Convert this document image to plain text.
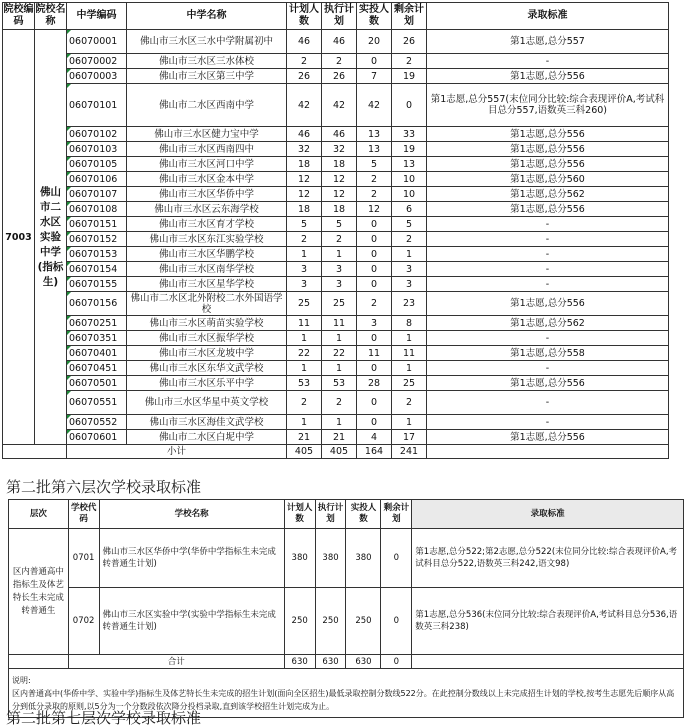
院校编码	院校名称	中学编码	中学名称	计划人数	执行计划	实投人数	剩余计划	录取标准
7003	佛山市二水区实验中学(指标生)	06070001	佛山市三水区三水中学附属初中	46	46	20	26	第1志愿,总分557
		06070002	佛山市三水区三水体校	2	2	0	2	-
		06070003	佛山市三水区第三中学	26	26	7	19	第1志愿,总分556
		06070101	佛山市二水区西南中学	42	42	42	0	第1志愿,总分557(末位同分比较:综合表现评价A,考试科目总分557,语数英三科260)
		06070102	佛山市三水区健力宝中学	46	46	13	33	第1志愿,总分556
		06070103	佛山市三水区西南四中	32	32	13	19	第1志愿,总分556
		06070105	佛山市三水区河口中学	18	18	5	13	第1志愿,总分556
		06070106	佛山市三水区金本中学	12	12	2	10	第1志愿,总分560
		06070107	佛山市三水区华侨中学	12	12	2	10	第1志愿,总分562
		06070108	佛山市三水区云东海学校	18	18	12	6	第1志愿,总分556
		06070151	佛山市三水区育才学校	5	5	0	5	-
		06070152	佛山市三水区东江实验学校	2	2	0	2	-
		06070153	佛山市三水区华鹏学校	1	1	0	1	-
		06070154	佛山市三水区南华学校	3	3	0	3	-
		06070155	佛山市三水区星华学校	3	3	0	3	-
		06070156	佛山市二水区北外附校二水外国语学校	25	25	2	23	第1志愿,总分556
		06070251	佛山市三水区萌苗实验学校	11	11	3	8	第1志愿,总分562
		06070351	佛山市三水区振华学校	1	1	0	1	-
		06070401	佛山市三水区龙坡中学	22	22	11	11	第1志愿,总分558
		06070451	佛山市三水区东华文武学校	1	1	0	1	-
		06070501	佛山市三水区乐平中学	53	53	28	25	第1志愿,总分556
		06070551	佛山市三水区华星中英文学校	2	2	0	2	-
		06070552	佛山市三水区海佳文武学校	1	1	0	1	-
		06070601	佛山市二水区白坭中学	21	21	4	17	第1志愿,总分556
		小计		405	405	164	241	
第二批第六层次学校录取标准
层次	学校代码	学校名称	计划人数	执行计划	实投人数	剩余计划	录取标准
区内普通高中指标生及体艺特长生未完成转普通生	0701	佛山市三水区华侨中学(华侨中学指标生未完成转普通生计划)	380	380	380	0	第1志愿,总分522;第2志愿,总分522(末位同分比较:综合表现评价A,考试科目总分522,语数英三科242,语文98)
	0702	佛山市三水区实验中学(实验中学指标生未完成转普通生计划)	250	250	250	0	第1志愿,总分536(末位同分比较:综合表现评价A,考试科目总分536,语数英三科238)
	合计		630	630	630	0	

说明:
区内普通高中(华侨中学、实验中学)指标生及体艺特长生未完成的招生计划(面向全区招生)最低录取控制分数线522分。在此控制分数线以上未完成招生计划的学校,按考生志愿先后顺序从高分到低分录取的原则,以5分为一个分数段依次降分投档录取,直到该学校招生计划完成为止。							
第二批第七层次学校录取标准
